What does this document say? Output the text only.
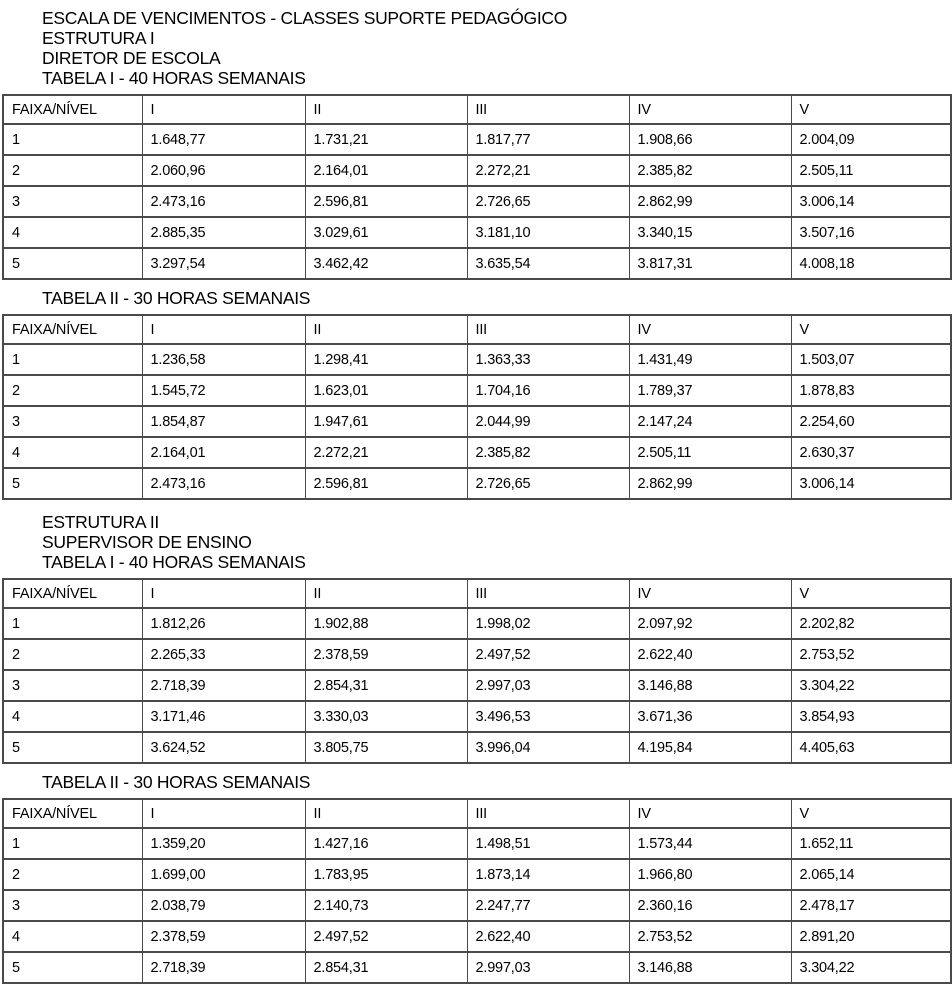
ESCALA DE VENCIMENTOS - CLASSES SUPORTE PEDAGÓGICO
ESTRUTURA I
DIRETOR DE ESCOLA
TABELA I - 40 HORAS SEMANAIS
FAIXA/NÍVEL	I	II	III	IV	V
1	1.648,77	1.731,21	1.817,77	1.908,66	2.004,09
2	2.060,96	2.164,01	2.272,21	2.385,82	2.505,11
3	2.473,16	2.596,81	2.726,65	2.862,99	3.006,14
4	2.885,35	3.029,61	3.181,10	3.340,15	3.507,16
5	3.297,54	3.462,42	3.635,54	3.817,31	4.008,18
TABELA II - 30 HORAS SEMANAIS
FAIXA/NÍVEL	I	II	III	IV	V
1	1.236,58	1.298,41	1.363,33	1.431,49	1.503,07
2	1.545,72	1.623,01	1.704,16	1.789,37	1.878,83
3	1.854,87	1.947,61	2.044,99	2.147,24	2.254,60
4	2.164,01	2.272,21	2.385,82	2.505,11	2.630,37
5	2.473,16	2.596,81	2.726,65	2.862,99	3.006,14
ESTRUTURA II
SUPERVISOR DE ENSINO
TABELA I - 40 HORAS SEMANAIS
FAIXA/NÍVEL	I	II	III	IV	V
1	1.812,26	1.902,88	1.998,02	2.097,92	2.202,82
2	2.265,33	2.378,59	2.497,52	2.622,40	2.753,52
3	2.718,39	2.854,31	2.997,03	3.146,88	3.304,22
4	3.171,46	3.330,03	3.496,53	3.671,36	3.854,93
5	3.624,52	3.805,75	3.996,04	4.195,84	4.405,63
TABELA II - 30 HORAS SEMANAIS
FAIXA/NÍVEL	I	II	III	IV	V
1	1.359,20	1.427,16	1.498,51	1.573,44	1.652,11
2	1.699,00	1.783,95	1.873,14	1.966,80	2.065,14
3	2.038,79	2.140,73	2.247,77	2.360,16	2.478,17
4	2.378,59	2.497,52	2.622,40	2.753,52	2.891,20
5	2.718,39	2.854,31	2.997,03	3.146,88	3.304,22
